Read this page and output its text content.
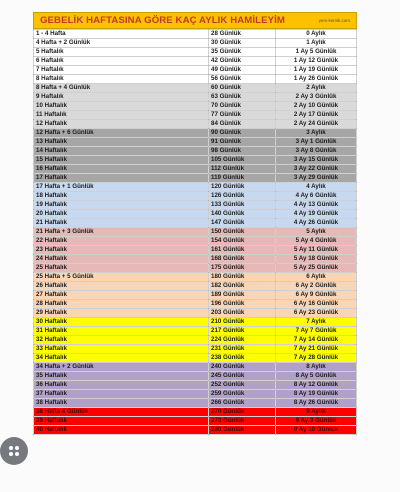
GEBELİK HAFTASINA GÖRE KAÇ AYLIK HAMİLEYİM	yeni-kemik.com
1 - 4 Hafta	28 Günlük	0 Aylık
4 Hafta + 2 Günlük	30 Günlük	1 Aylık
5 Haftalık	35 Günlük	1 Ay 5 Günlük
6 Haftalık	42 Günlük	1 Ay 12 Günlük
7 Haftalık	49 Günlük	1 Ay 19 Günlük
8 Haftalık	56 Günlük	1 Ay 26 Günlük
8 Hafta + 4 Günlük	60 Günlük	2 Aylık
9 Haftalık	63 Günlük	2 Ay 3 Günlük
10 Haftalık	70 Günlük	2 Ay 10 Günlük
11 Haftalık	77 Günlük	2 Ay 17 Günlük
12 Haftalık	84 Günlük	2 Ay 24 Günlük
12 Hafta + 6 Günlük	90 Günlük	3 Aylık
13 Haftalık	91 Günlük	3 Ay 1 Günlük
14 Haftalık	98 Günlük	3 Ay 8 Günlük
15 Haftalık	105 Günlük	3 Ay 15 Günlük
16 Haftalık	112 Günlük	3 Ay 22 Günlük
17 Haftalık	119 Günlük	3 Ay 29 Günlük
17 Hafta + 1 Günlük	120 Günlük	4 Aylık
18 Haftalık	126 Günlük	4 Ay 6 Günlük
19 Haftalık	133 Günlük	4 Ay 13 Günlük
20 Haftalık	140 Günlük	4 Ay 19 Günlük
21 Haftalık	147 Günlük	4 Ay 26 Günlük
21 Hafta + 3 Günlük	150 Günlük	5 Aylık
22 Haftalık	154 Günlük	5 Ay 4 Günlük
23 Haftalık	161 Günlük	5 Ay 11 Günlük
24 Haftalık	168 Günlük	5 Ay 18 Günlük
25 Haftalık	175 Günlük	5 Ay 25 Günlük
25 Hafta + 5 Günlük	180 Günlük	6 Aylık
26 Haftalık	182 Günlük	6 Ay 2 Günlük
27 Haftalık	189 Günlük	6 Ay 9 Günlük
28 Haftalık	196 Günlük	6 Ay 16 Günlük
29 Haftalık	203 Günlük	6 Ay 23 Günlük
30 Haftalık	210 Günlük	7 Aylık
31 Haftalık	217 Günlük	7 Ay 7 Günlük
32 Haftalık	224 Günlük	7 Ay 14 Günlük
33 Haftalık	231 Günlük	7 Ay 21 Günlük
34 Haftalık	238 Günlük	7 Ay 28 Günlük
34 Hafta + 2 Günlük	240 Günlük	8 Aylık
35 Haftalık	245 Günlük	8 Ay 5 Günlük
36 Haftalık	252 Günlük	8 Ay 12 Günlük
37 Haftalık	259 Günlük	8 Ay 19 Günlük
38 Haftalık	266 Günlük	8 Ay 26 Günlük
38 Hafta 4 Günlük	270 Günlük	9 Aylık
39 Haftalık	273 Günlük	9 Ay 3 Günlük
40 Haftalık	280 Günlük	9 Ay 10 Günlük
